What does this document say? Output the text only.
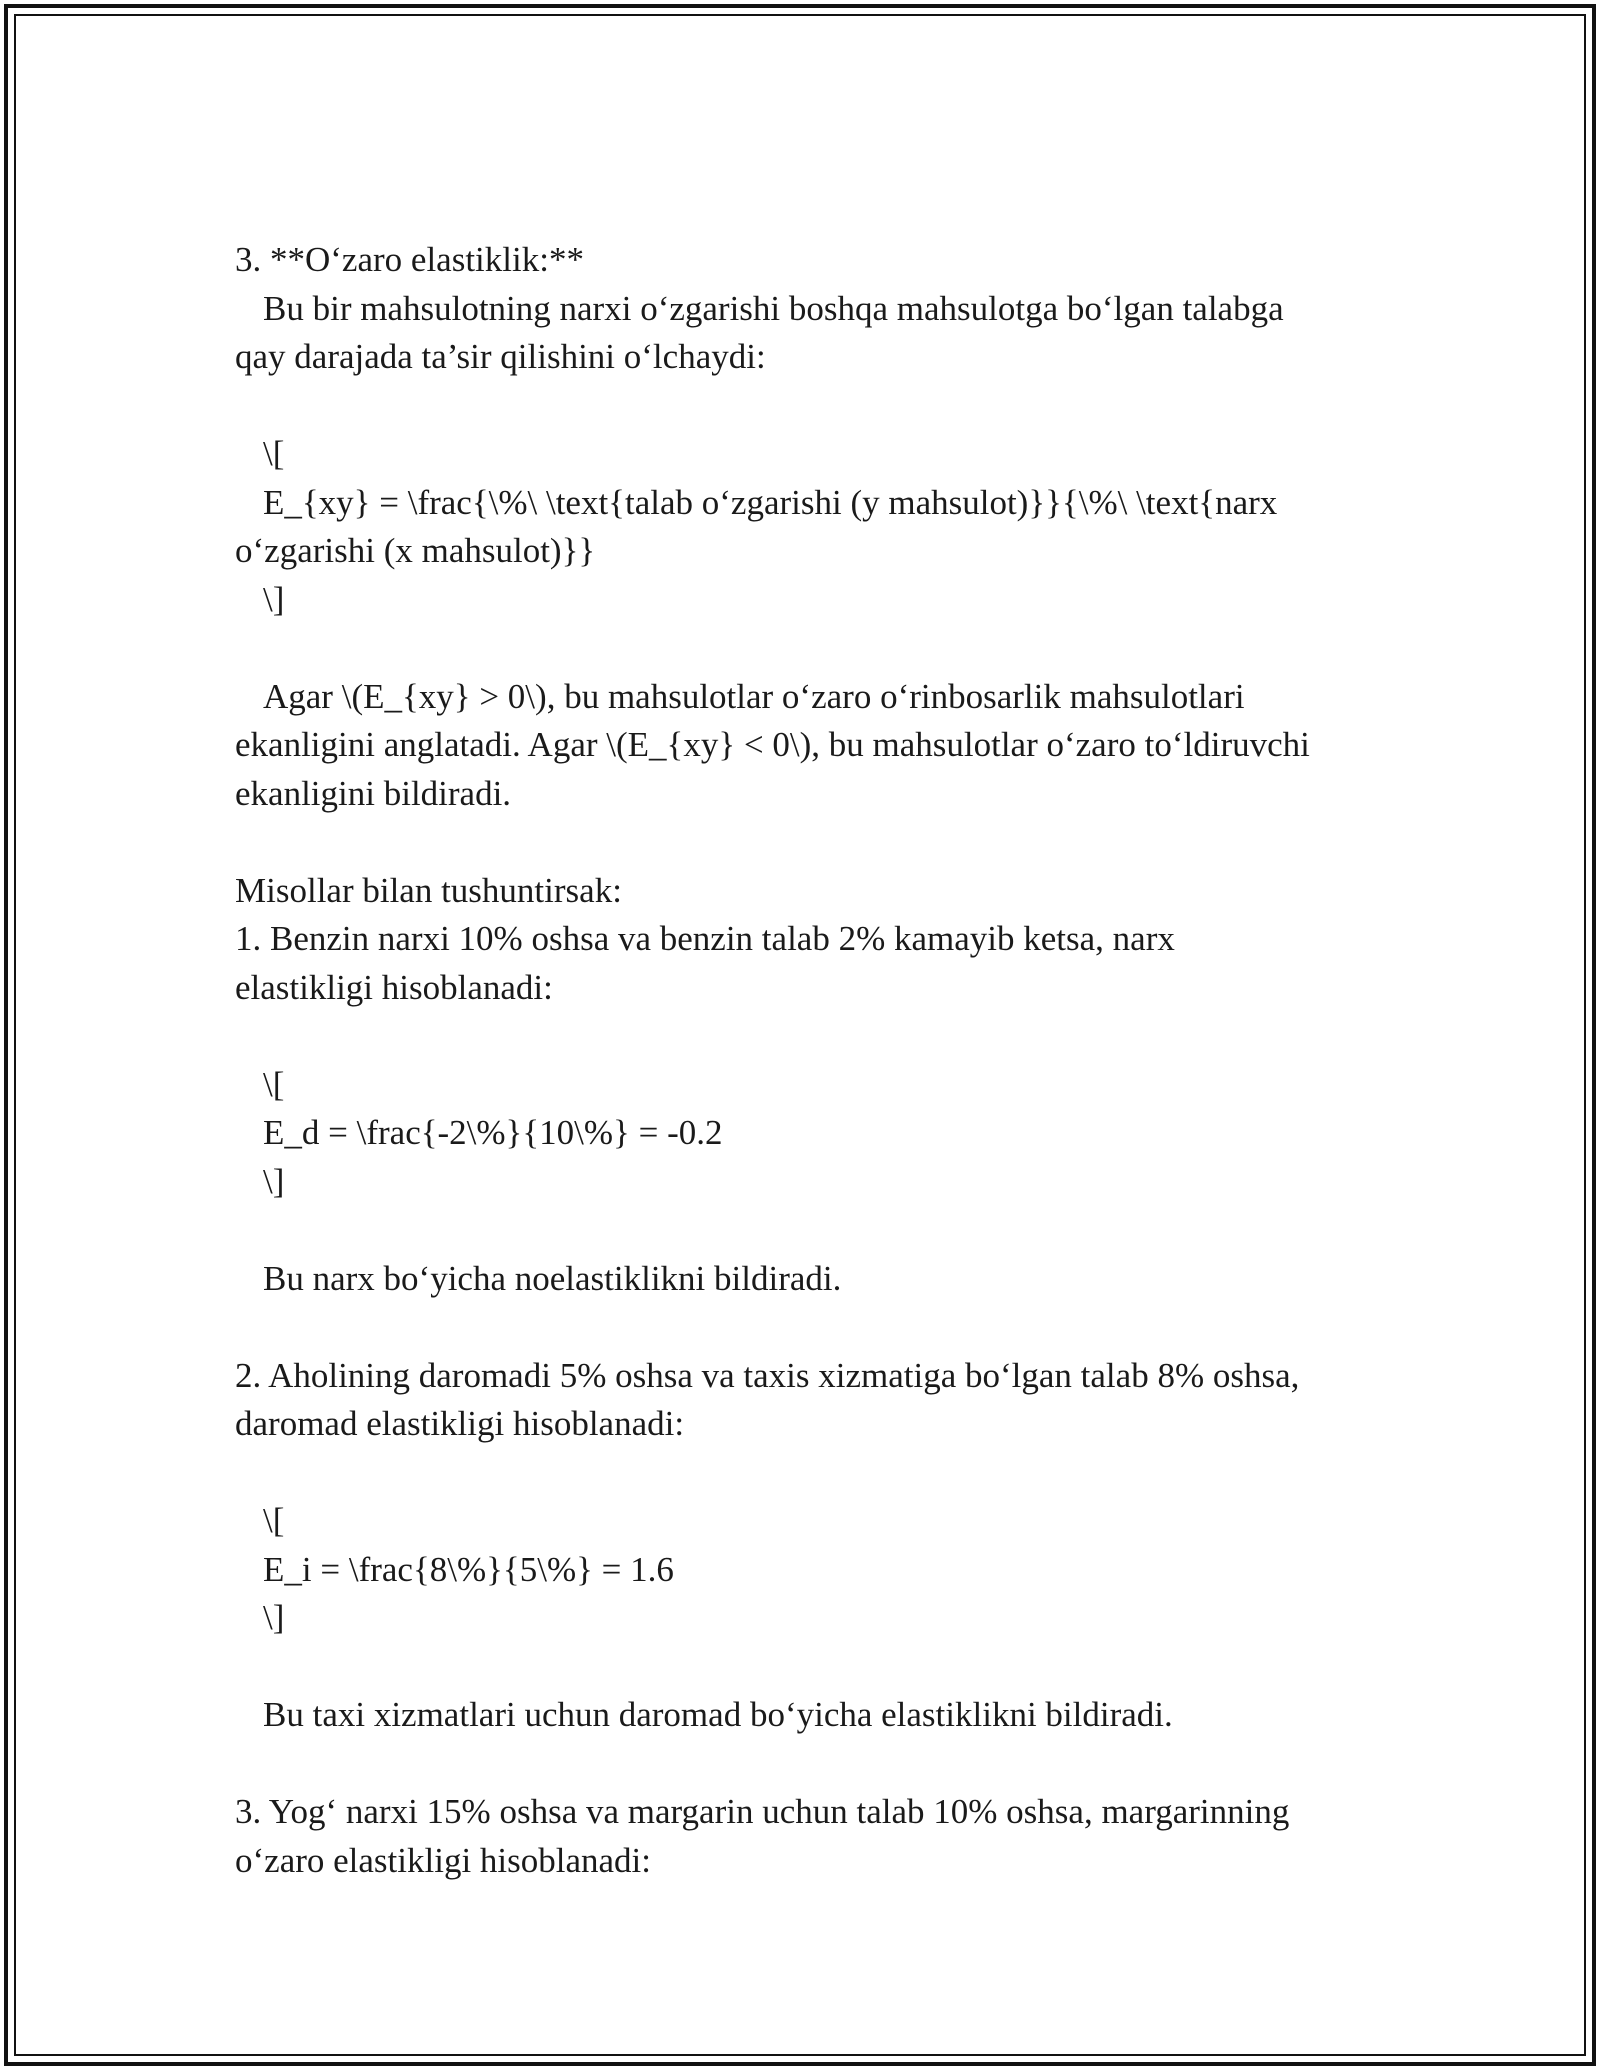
3. **O‘zaro elastiklik:**
Bu bir mahsulotning narxi o‘zgarishi boshqa mahsulotga bo‘lgan talabga
qay darajada ta’sir qilishini o‘lchaydi:
\[
E_{xy} = \frac{\%\ \text{talab o‘zgarishi (y mahsulot)}}{\%\ \text{narx
o‘zgarishi (x mahsulot)}}
\]
Agar \(E_{xy} > 0\), bu mahsulotlar o‘zaro o‘rinbosarlik mahsulotlari
ekanligini anglatadi. Agar \(E_{xy} < 0\), bu mahsulotlar o‘zaro to‘ldiruvchi
ekanligini bildiradi.
Misollar bilan tushuntirsak:
1. Benzin narxi 10% oshsa va benzin talab 2% kamayib ketsa, narx
elastikligi hisoblanadi:
\[
E_d = \frac{-2\%}{10\%} = -0.2
\]
Bu narx bo‘yicha noelastiklikni bildiradi.
2. Aholining daromadi 5% oshsa va taxis xizmatiga bo‘lgan talab 8% oshsa,
daromad elastikligi hisoblanadi:
\[
E_i = \frac{8\%}{5\%} = 1.6
\]
Bu taxi xizmatlari uchun daromad bo‘yicha elastiklikni bildiradi.
3. Yog‘ narxi 15% oshsa va margarin uchun talab 10% oshsa, margarinning
o‘zaro elastikligi hisoblanadi:
